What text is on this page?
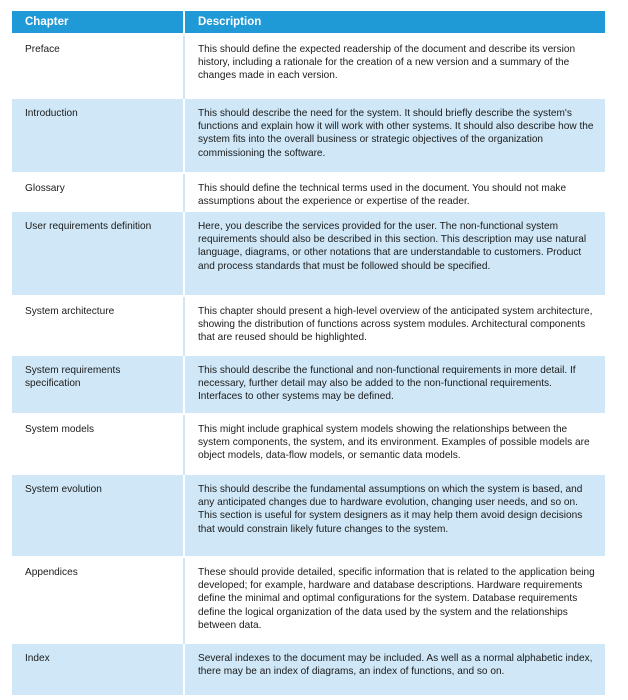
Chapter	Description

Preface	This should define the expected readership of the document and describe its version history, including a rationale for the creation of a new version and a summary of the changes made in each version.

Introduction	This should describe the need for the system. It should briefly describe the system's functions and explain how it will work with other systems. It should also describe how the system fits into the overall business or strategic objectives of the organization commissioning the software.

Glossary	This should define the technical terms used in the document. You should not make assumptions about the experience or expertise of the reader.

User requirements definition	Here, you describe the services provided for the user. The non-functional system requirements should also be described in this section. This description may use natural language, diagrams, or other notations that are understandable to customers. Product and process standards that must be followed should be specified.

System architecture	This chapter should present a high-level overview of the anticipated system architecture, showing the distribution of functions across system modules. Architectural components that are reused should be highlighted.

System requirements specification	This should describe the functional and non-functional requirements in more detail. If necessary, further detail may also be added to the non-functional requirements. Interfaces to other systems may be defined.

System models	This might include graphical system models showing the relationships between the system components, the system, and its environment. Examples of possible models are object models, data-flow models, or semantic data models.

System evolution	This should describe the fundamental assumptions on which the system is based, and any anticipated changes due to hardware evolution, changing user needs, and so on. This section is useful for system designers as it may help them avoid design decisions that would constrain likely future changes to the system.

Appendices	These should provide detailed, specific information that is related to the application being developed; for example, hardware and database descriptions. Hardware requirements define the minimal and optimal configurations for the system. Database requirements define the logical organization of the data used by the system and the relationships between data.

Index	Several indexes to the document may be included. As well as a normal alphabetic index, there may be an index of diagrams, an index of functions, and so on.
